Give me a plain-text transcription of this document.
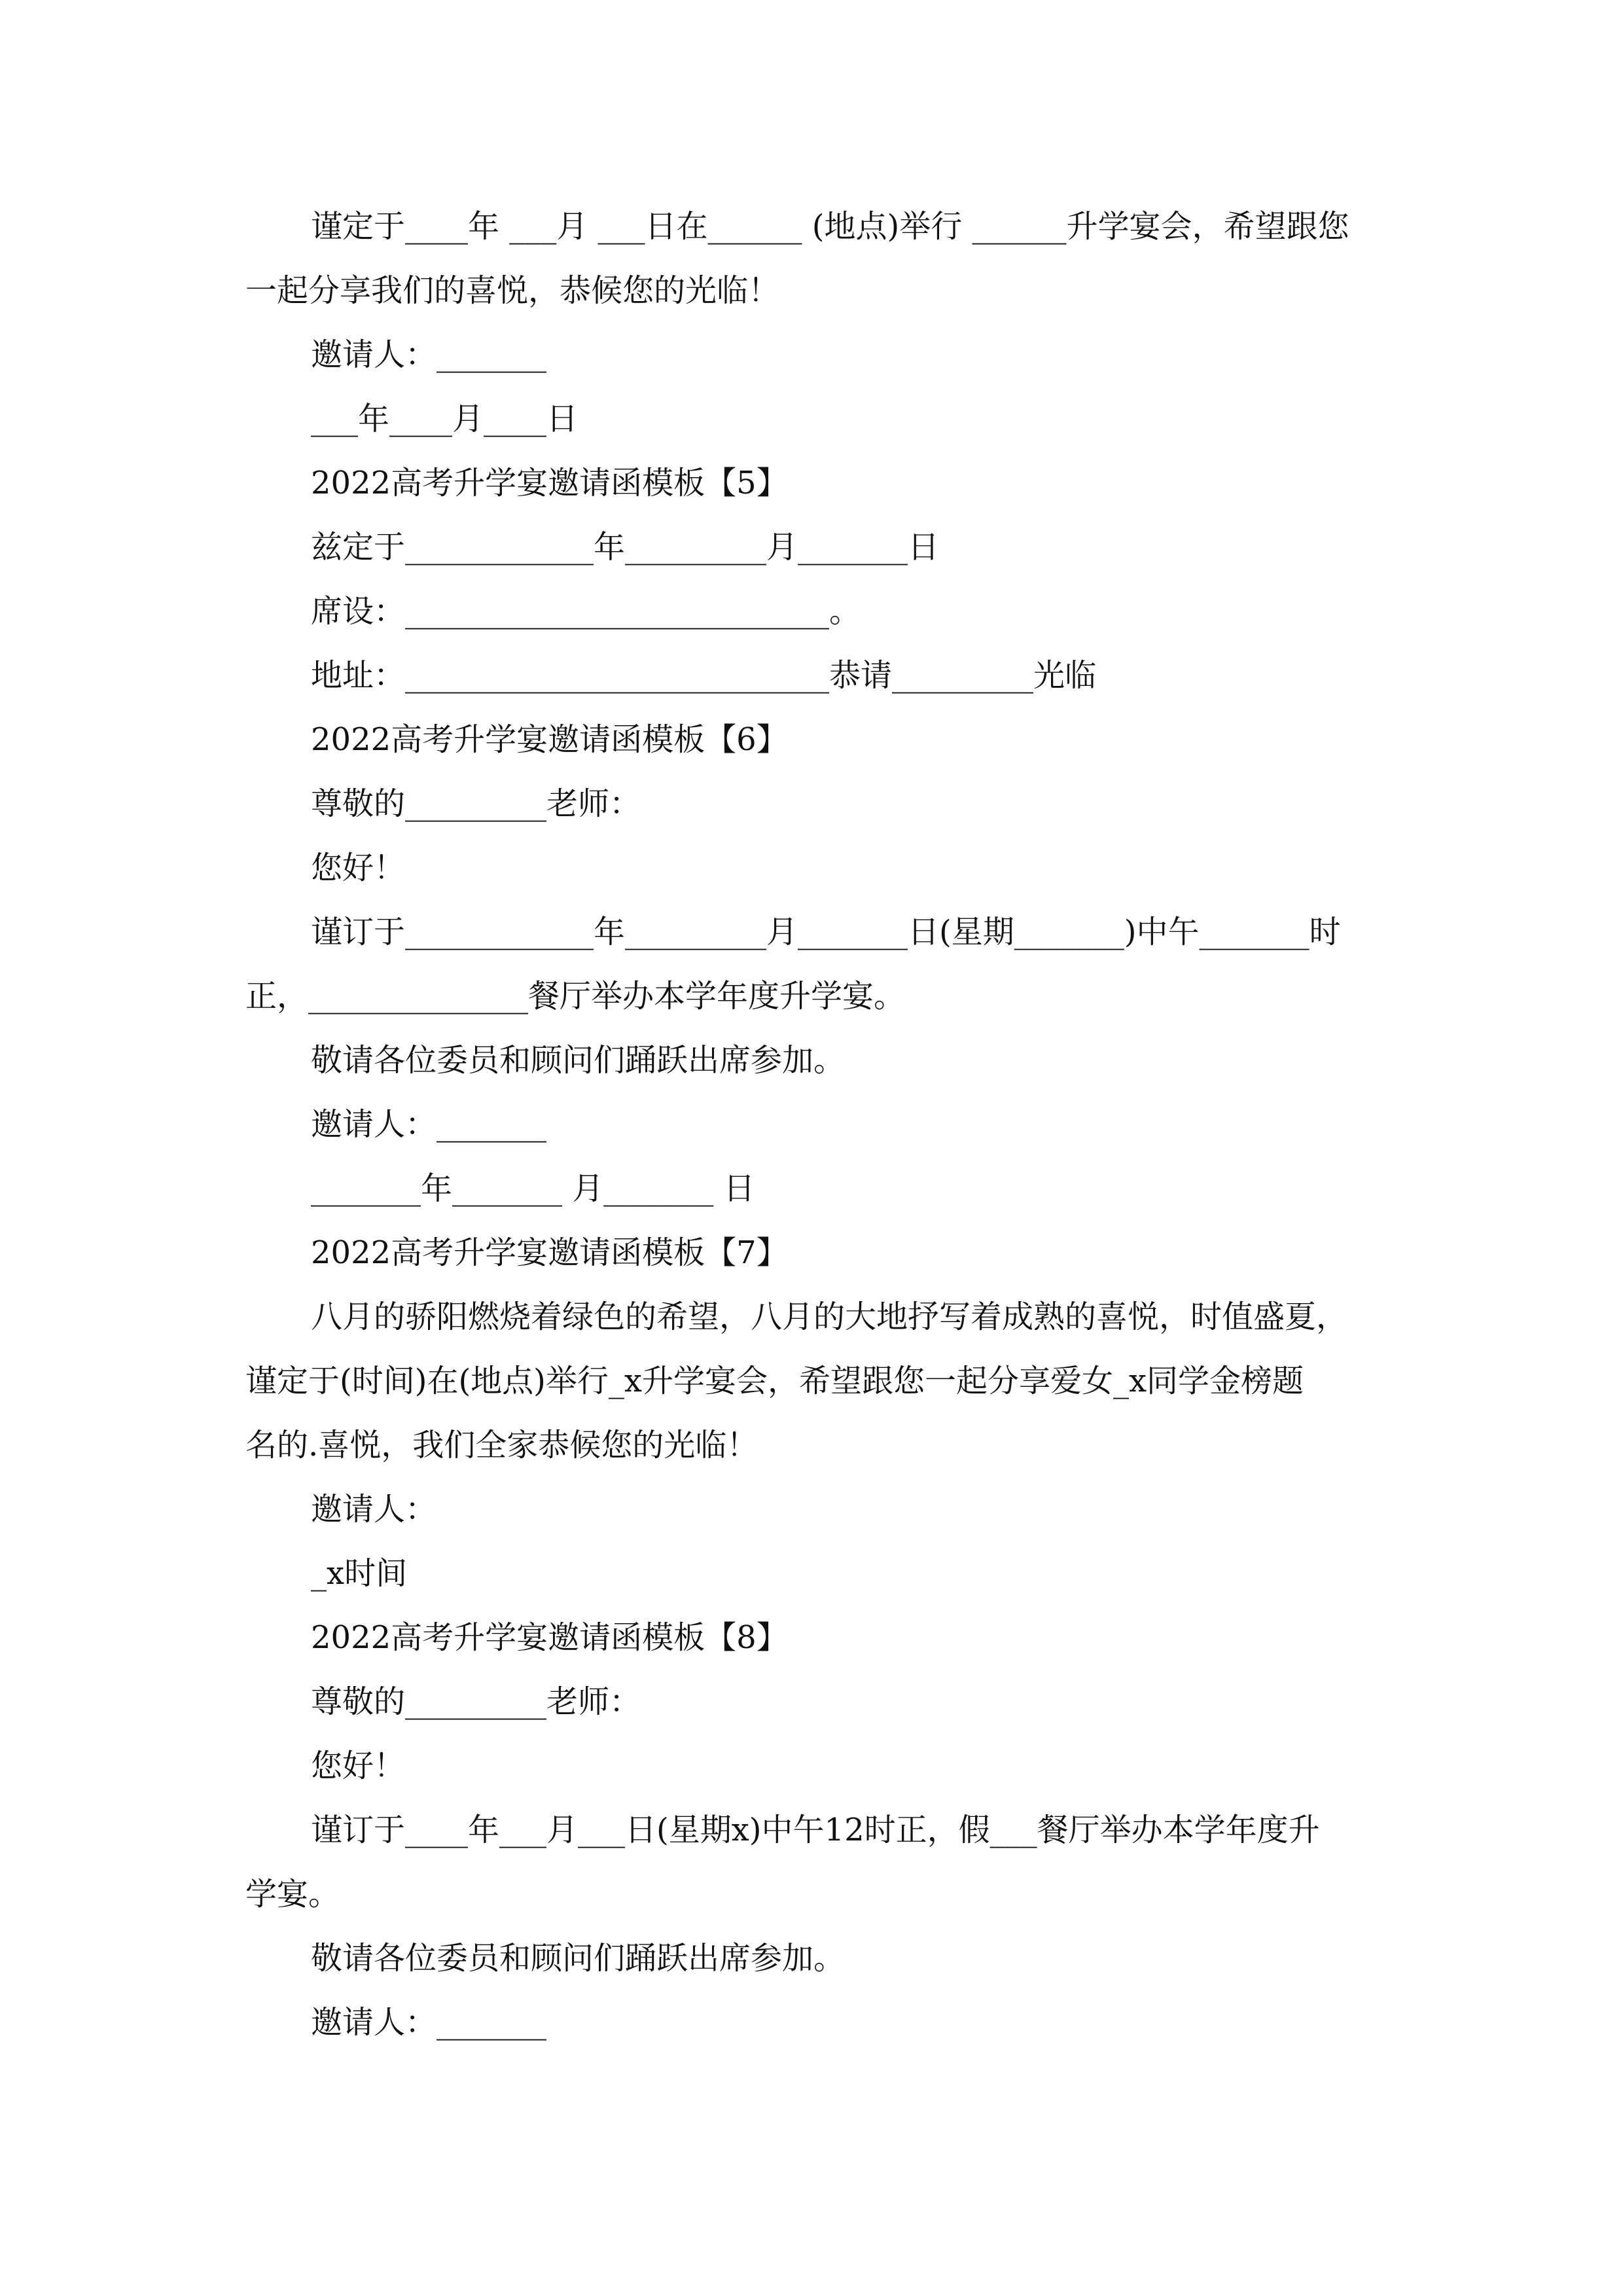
谨定于____年 ___月 ___日在______ (地点)举行 ______升学宴会，希望跟您
一起分享我们的喜悦，恭候您的光临！
邀请人：_______
___年____月____日
2022高考升学宴邀请函模板【5】
兹定于____________年_________月_______日
席设：___________________________。
地址：___________________________恭请_________光临
2022高考升学宴邀请函模板【6】
尊敬的_________老师：
您好！
谨订于____________年_________月_______日(星期_______)中午_______时
正，______________餐厅举办本学年度升学宴。
敬请各位委员和顾问们踊跃出席参加。
邀请人：_______
_______年_______ 月_______ 日
2022高考升学宴邀请函模板【7】
八月的骄阳燃烧着绿色的希望，八月的大地抒写着成熟的喜悦，时值盛夏，
谨定于(时间)在(地点)举行_x升学宴会，希望跟您一起分享爱女_x同学金榜题
名的.喜悦，我们全家恭候您的光临！
邀请人：
_x时间
2022高考升学宴邀请函模板【8】
尊敬的_________老师：
您好！
谨订于____年___月___日(星期x)中午12时正，假___餐厅举办本学年度升
学宴。
敬请各位委员和顾问们踊跃出席参加。
邀请人：_______
